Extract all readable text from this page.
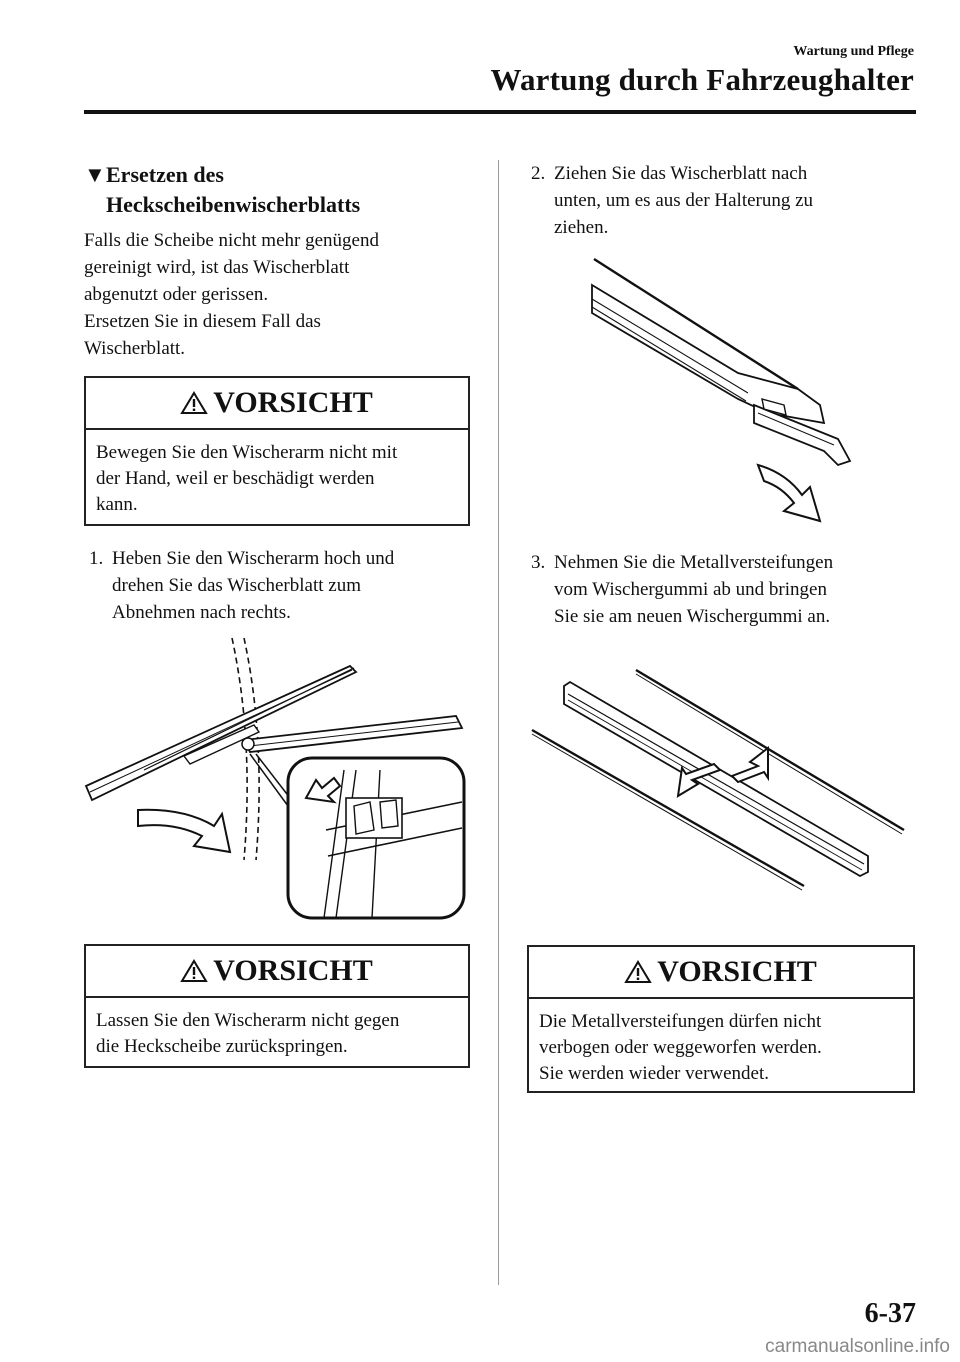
Wartung und Pflege
Wartung durch Fahrzeughalter
▼Ersetzen des
Heckscheibenwischerblatts
Falls die Scheibe nicht mehr genügend
gereinigt wird, ist das Wischerblatt
abgenutzt oder gerissen.
Ersetzen Sie in diesem Fall das
Wischerblatt.
VORSICHT
Bewegen Sie den Wischerarm nicht mit
der Hand, weil er beschädigt werden
kann.
1. Heben Sie den Wischerarm hoch und
drehen Sie das Wischerblatt zum
Abnehmen nach rechts.
VORSICHT
Lassen Sie den Wischerarm nicht gegen
die Heckscheibe zurückspringen.
2. Ziehen Sie das Wischerblatt nach
unten, um es aus der Halterung zu
ziehen.
3. Nehmen Sie die Metallversteifungen
vom Wischergummi ab und bringen
Sie sie am neuen Wischergummi an.
VORSICHT
Die Metallversteifungen dürfen nicht
verbogen oder weggeworfen werden.
Sie werden wieder verwendet.
6-37
carmanualsonline.info
